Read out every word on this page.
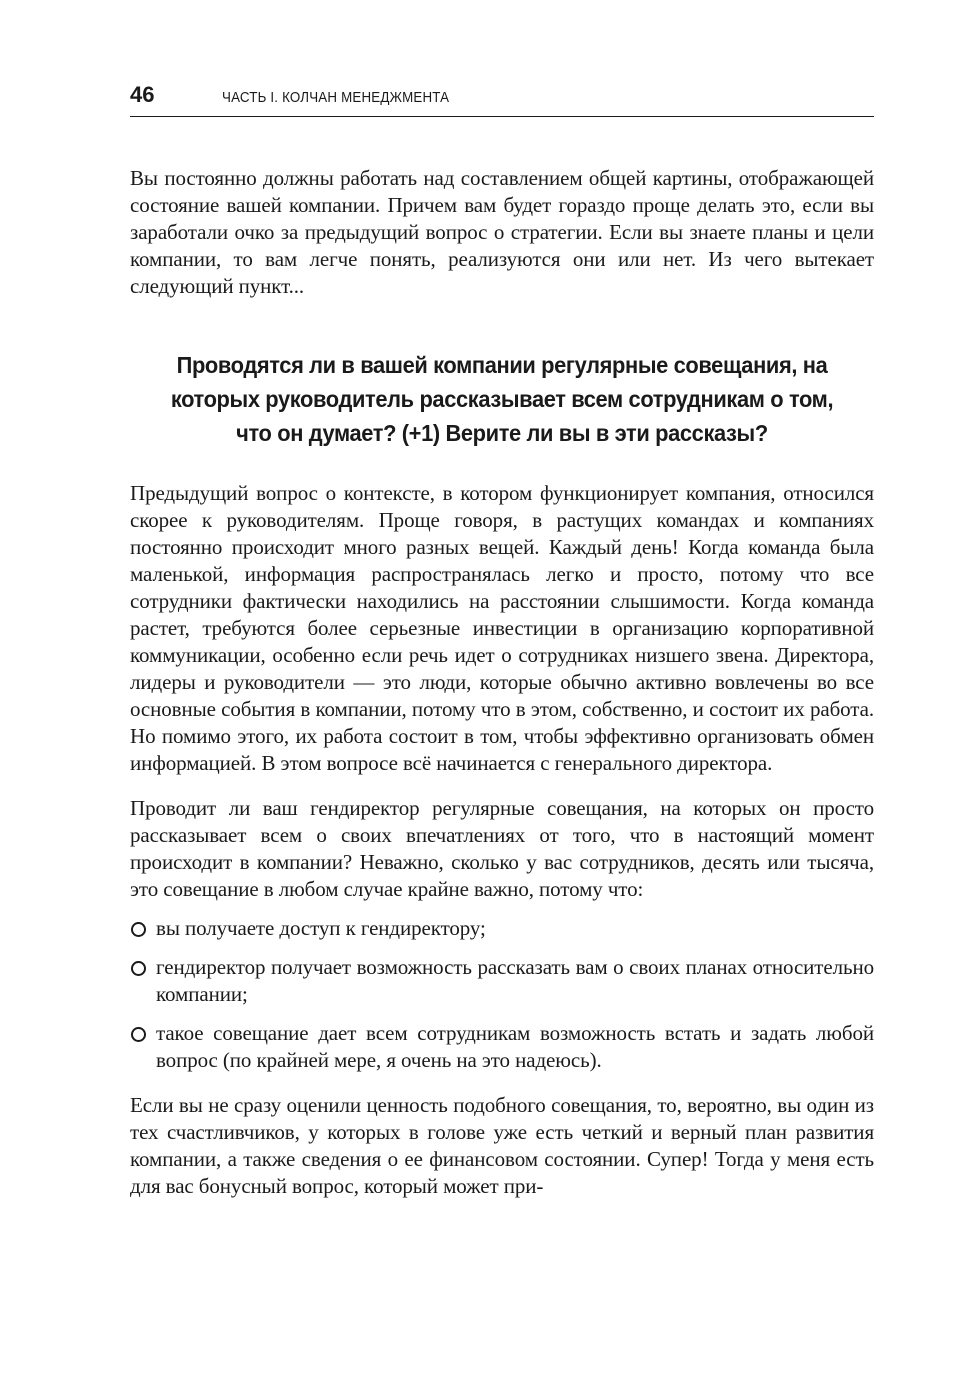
46	ЧАСТЬ I. КОЛЧАН МЕНЕДЖМЕНТА

Вы постоянно должны работать над составлением общей картины, отображающей состояние вашей компании. Причем вам будет гораздо проще делать это, если вы заработали очко за предыдущий вопрос о стратегии. Если вы знаете планы и цели компании, то вам легче понять, реализуются они или нет. Из чего вытекает следующий пункт...

Проводятся ли в вашей компании регулярные совещания, на которых руководитель рассказывает всем сотрудникам о том, что он думает? (+1) Верите ли вы в эти рассказы?

Предыдущий вопрос о контексте, в котором функционирует компания, относился скорее к руководителям. Проще говоря, в растущих командах и компаниях постоянно происходит много разных вещей. Каждый день! Когда команда была маленькой, информация распространялась легко и просто, потому что все сотрудники фактически находились на расстоянии слышимости. Когда команда растет, требуются более серьезные инвестиции в организацию корпоративной коммуникации, особенно если речь идет о сотрудниках низшего звена. Директора, лидеры и руководители — это люди, которые обычно активно вовлечены во все основные события в компании, потому что в этом, собственно, и состоит их работа. Но помимо этого, их работа состоит в том, чтобы эффективно организовать обмен информацией. В этом вопросе всё начинается с генерального директора.

Проводит ли ваш гендиректор регулярные совещания, на которых он просто рассказывает всем о своих впечатлениях от того, что в настоящий момент происходит в компании? Неважно, сколько у вас сотрудников, десять или тысяча, это совещание в любом случае крайне важно, потому что:

вы получаете доступ к гендиректору;
гендиректор получает возможность рассказать вам о своих планах относительно компании;
такое совещание дает всем сотрудникам возможность встать и задать любой вопрос (по крайней мере, я очень на это надеюсь).

Если вы не сразу оценили ценность подобного совещания, то, вероятно, вы один из тех счастливчиков, у которых в голове уже есть четкий и верный план развития компании, а также сведения о ее финансовом состоянии. Супер! Тогда у меня есть для вас бонусный вопрос, который может при-
